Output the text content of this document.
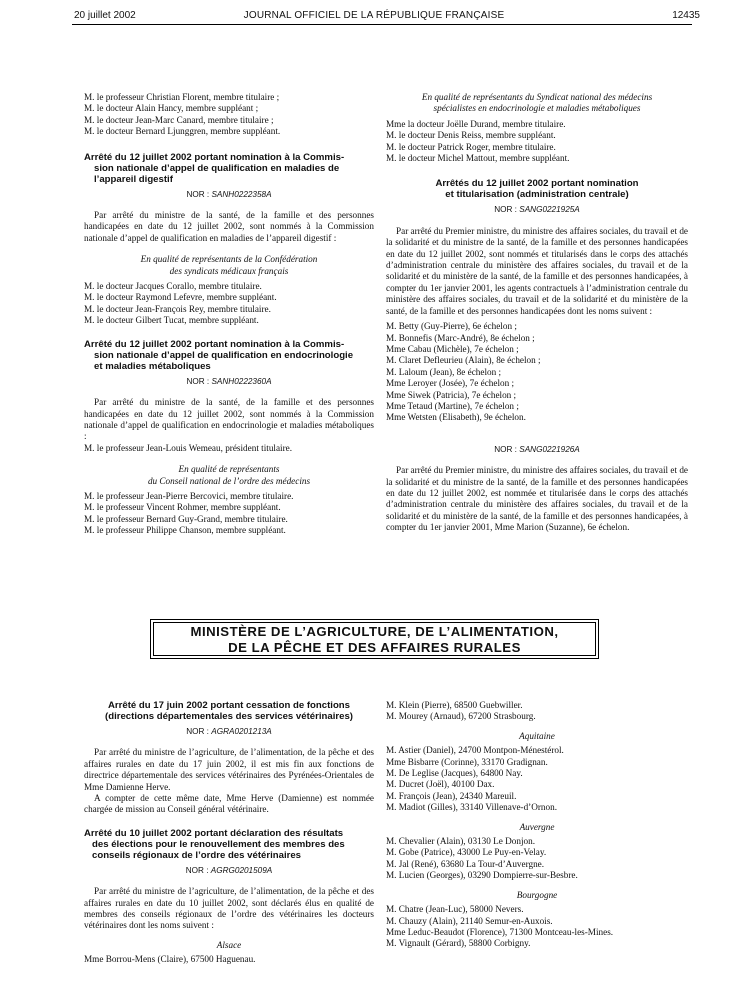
20 juillet 2002	JOURNAL OFFICIEL DE LA RÉPUBLIQUE FRANÇAISE	12435

M. le professeur Christian Florent, membre titulaire ;

M. le docteur Alain Hancy, membre suppléant ;

M. le docteur Jean-Marc Canard, membre titulaire ;

M. le docteur Bernard Ljunggren, membre suppléant.

Arrêté du 12 juillet 2002 portant nomination à la Commis-
sion nationale d’appel de qualification en maladies de
l’appareil digestif
NOR : SANH0222358A

Par arrêté du ministre de la santé, de la famille et des personnes handicapées en date du 12 juillet 2002, sont nommés à la Commission nationale d’appel de qualification en maladies de l’appareil digestif :

En qualité de représentants de la Confédération
des syndicats médicaux français

M. le docteur Jacques Corallo, membre titulaire.

M. le docteur Raymond Lefevre, membre suppléant.

M. le docteur Jean-François Rey, membre titulaire.

M. le docteur Gilbert Tucat, membre suppléant.

Arrêté du 12 juillet 2002 portant nomination à la Commis-
sion nationale d’appel de qualification en endocrinologie
et maladies métaboliques
NOR : SANH0222360A

Par arrêté du ministre de la santé, de la famille et des personnes handicapées en date du 12 juillet 2002, sont nommés à la Commission nationale d’appel de qualification en endocrinologie et maladies métaboliques :

M. le professeur Jean-Louis Wemeau, président titulaire.

En qualité de représentants
du Conseil national de l’ordre des médecins

M. le professeur Jean-Pierre Bercovici, membre titulaire.

M. le professeur Vincent Rohmer, membre suppléant.

M. le professeur Bernard Guy-Grand, membre titulaire.

M. le professeur Philippe Chanson, membre suppléant.

En qualité de représentants du Syndicat national des médecins
spécialistes en endocrinologie et maladies métaboliques

Mme la docteur Joëlle Durand, membre titulaire.

M. le docteur Denis Reiss, membre suppléant.

M. le docteur Patrick Roger, membre titulaire.

M. le docteur Michel Mattout, membre suppléant.

Arrêtés du 12 juillet 2002 portant nomination
et titularisation (administration centrale)
NOR : SANG0221925A

Par arrêté du Premier ministre, du ministre des affaires sociales, du travail et de la solidarité et du ministre de la santé, de la famille et des personnes handicapées en date du 12 juillet 2002, sont nommés et titularisés dans le corps des attachés d’administration centrale du ministère des affaires sociales, du travail et de la solidarité et du ministère de la santé, de la famille et des personnes handicapées, à compter du 1er janvier 2001, les agents contractuels à l’administration centrale du ministère des affaires sociales, du travail et de la solidarité et du ministère de la santé, de la famille et des personnes handicapées dont les noms suivent :

M. Betty (Guy-Pierre), 6e échelon ;

M. Bonnefis (Marc-André), 8e échelon ;

Mme Cabau (Michèle), 7e échelon ;

M. Claret Defleurieu (Alain), 8e échelon ;

M. Laloum (Jean), 8e échelon ;

Mme Leroyer (Josée), 7e échelon ;

Mme Siwek (Patricia), 7e échelon ;

Mme Tetaud (Martine), 7e échelon ;

Mme Wetsten (Elisabeth), 9e échelon.

NOR : SANG0221926A

Par arrêté du Premier ministre, du ministre des affaires sociales, du travail et de la solidarité et du ministre de la santé, de la famille et des personnes handicapées en date du 12 juillet 2002, est nommée et titularisée dans le corps des attachés d’administration centrale du ministère des affaires sociales, du travail et de la solidarité et du ministère de la santé, de la famille et des personnes handicapées, à compter du 1er janvier 2001, Mme Marion (Suzanne), 6e échelon.

MINISTÈRE DE L’AGRICULTURE, DE L’ALIMENTATION,
DE LA PÊCHE ET DES AFFAIRES RURALES
Arrêté du 17 juin 2002 portant cessation de fonctions
(directions départementales des services vétérinaires)
NOR : AGRA0201213A

Par arrêté du ministre de l’agriculture, de l’alimentation, de la pêche et des affaires rurales en date du 17 juin 2002, il est mis fin aux fonctions de directrice départementale des services vétérinaires des Pyrénées-Orientales de Mme Damienne Herve.

A compter de cette même date, Mme Herve (Damienne) est nommée chargée de mission au Conseil général vétérinaire.

Arrêté du 10 juillet 2002 portant déclaration des résultats
des élections pour le renouvellement des membres des
conseils régionaux de l’ordre des vétérinaires
NOR : AGRG0201509A

Par arrêté du ministre de l’agriculture, de l’alimentation, de la pêche et des affaires rurales en date du 10 juillet 2002, sont déclarés élus en qualité de membres des conseils régionaux de l’ordre des vétérinaires les docteurs vétérinaires dont les noms suivent :

Alsace

Mme Borrou-Mens (Claire), 67500 Haguenau.

M. Klein (Pierre), 68500 Guebwiller.

M. Mourey (Arnaud), 67200 Strasbourg.

Aquitaine

M. Astier (Daniel), 24700 Montpon-Ménestérol.

Mme Bisbarre (Corinne), 33170 Gradignan.

M. De Leglise (Jacques), 64800 Nay.

M. Ducret (Joël), 40100 Dax.

M. François (Jean), 24340 Mareuil.

M. Madiot (Gilles), 33140 Villenave-d’Ornon.

Auvergne

M. Chevalier (Alain), 03130 Le Donjon.

M. Gobe (Patrice), 43000 Le Puy-en-Velay.

M. Jal (René), 63680 La Tour-d’Auvergne.

M. Lucien (Georges), 03290 Dompierre-sur-Besbre.

Bourgogne

M. Chatre (Jean-Luc), 58000 Nevers.

M. Chauzy (Alain), 21140 Semur-en-Auxois.

Mme Leduc-Beaudot (Florence), 71300 Montceau-les-Mines.

M. Vignault (Gérard), 58800 Corbigny.
